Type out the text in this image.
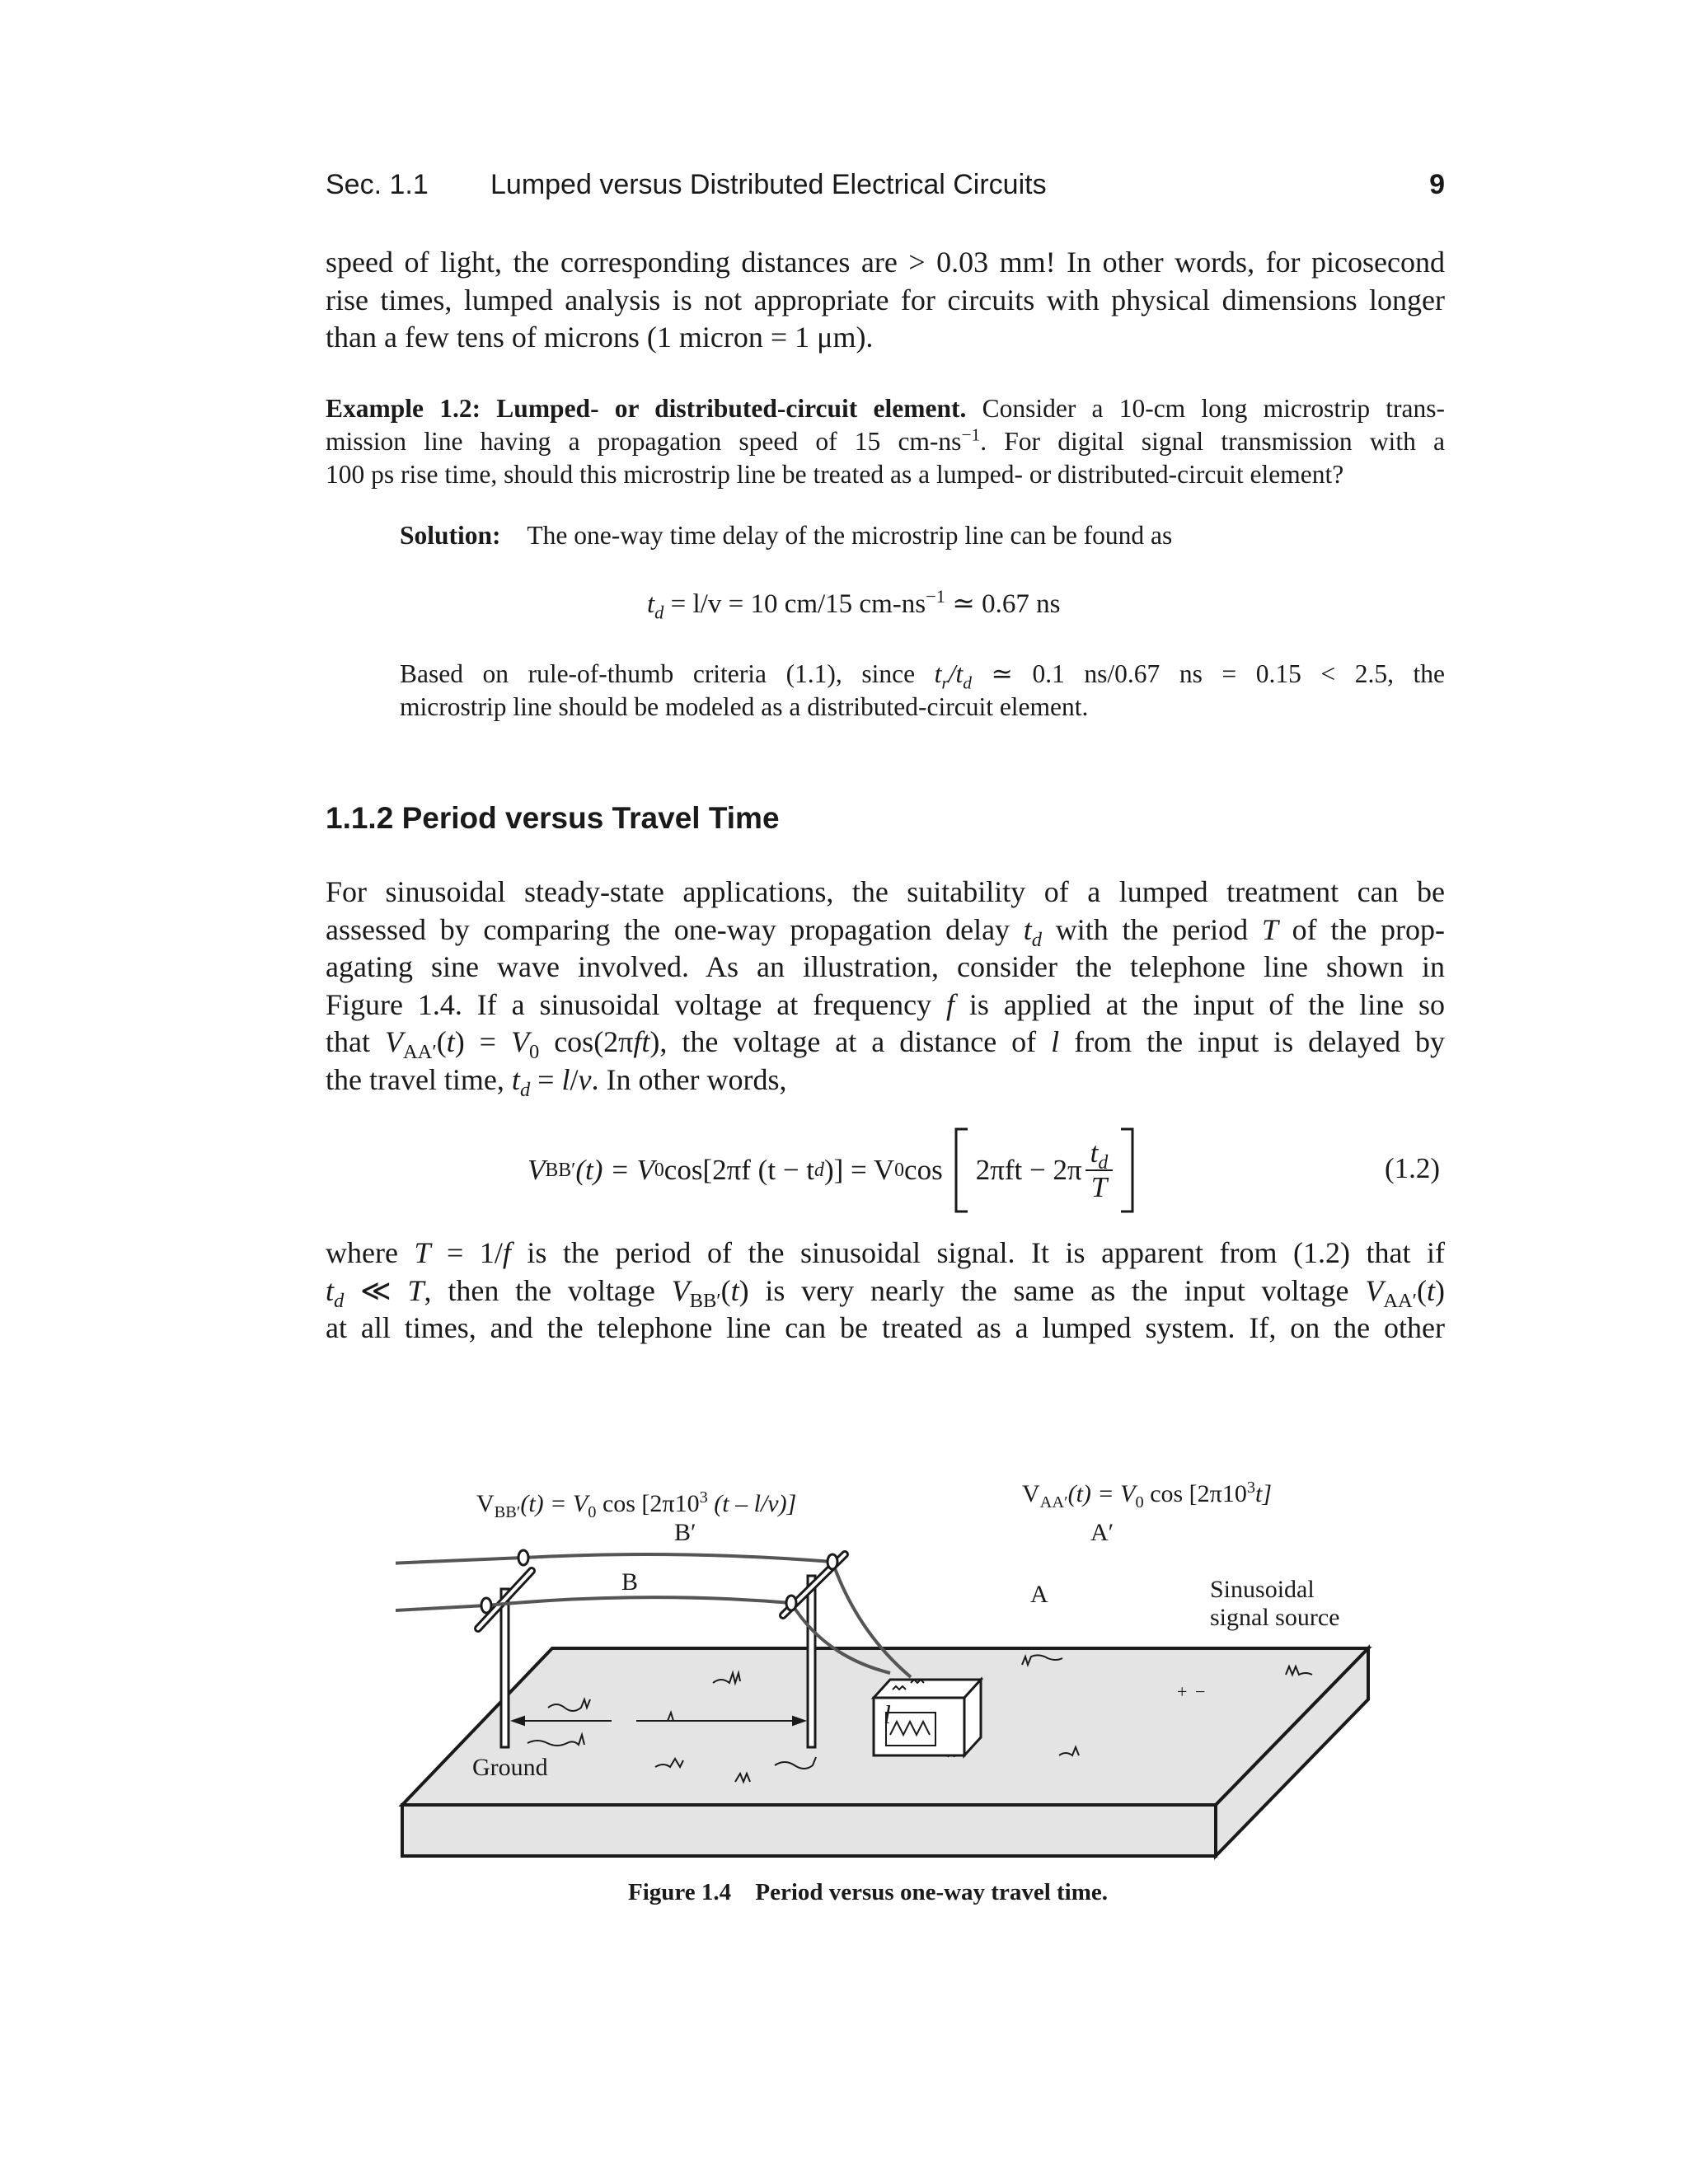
Sec. 1.1 Lumped versus Distributed Electrical Circuits	9
speed of light, the corresponding distances are > 0.03 mm! In other words, for picosecond
rise times, lumped analysis is not appropriate for circuits with physical dimensions longer
than a few tens of microns (1 micron = 1 μm).
Example 1.2: Lumped- or distributed-circuit element. Consider a 10-cm long microstrip trans-
mission line having a propagation speed of 15 $cm-ns^{-1}$. For digital signal transmission with a
100 ps rise time, should this microstrip line be treated as a lumped- or distributed-circuit element?
Solution: The one-way time delay of the microstrip line can be found as
$t_d = l/v = 10$ cm/15 $cm-ns^{-1}$ ≃ 0.67 ns
Based on rule-of-thumb criteria (1.1), since $t_r/t_d$ ≃ 0.1 ns/0.67 ns = 0.15 < 2.5, the
microstrip line should be modeled as a distributed-circuit element.
1.1.2 Period versus Travel Time
For sinusoidal steady-state applications, the suitability of a lumped treatment can be
assessed by comparing the one-way propagation delay $t_d$ with the period T of the prop-
agating sine wave involved. As an illustration, consider the telephone line shown in
Figure 1.4. If a sinusoidal voltage at frequency f is applied at the input of the line so
that $V_{AA'}(t) = V_0$ cos(2πft), the voltage at a distance of l from the input is delayed by
the travel time, $t_d = l/v$. In other words,
V BB′ (t) = V 0 cos[2πf (t − t d )] = V 0 $\cos 2\pi ft - 2\pi \frac{t_d}{T}$	(1.2)
where T = 1/f is the period of the sinusoidal signal. It is apparent from (1.2) that if
$t_d$ ≪ T, then the voltage $V_{BB'}(t)$ is very nearly the same as the input voltage $V_{AA'}(t)$
at all times, and the telephone line can be treated as a lumped system. If, on the other
$V_{BB'}(t) = V_0$ $\cos [2\pi 10^3$ (t – l/v)]	$V_{AA'}(t) = V_0$ $\cos [2\pi 10^3t]$
B′	A′
B	A	Sinusoidal
signal source
l
Ground
+ −
Figure 1.4 Period versus one-way travel time.
